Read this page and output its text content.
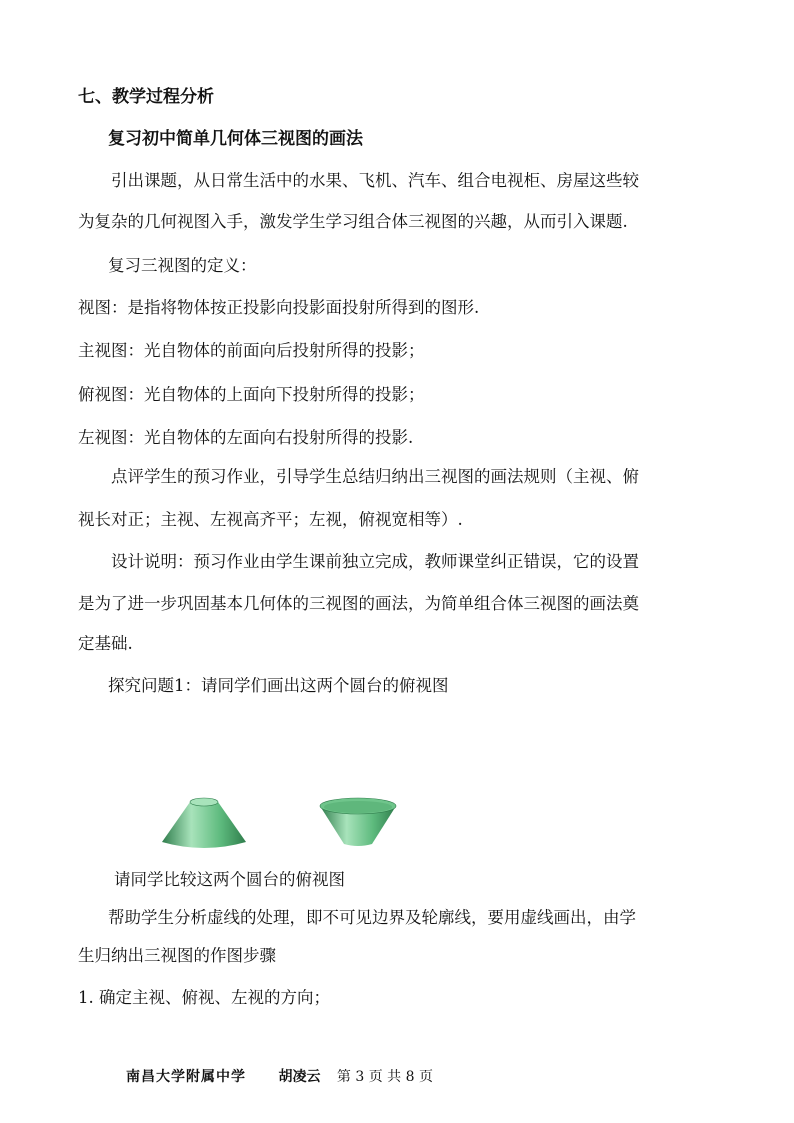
七、教学过程分析
复习初中简单几何体三视图的画法
引出课题，从日常生活中的水果、飞机、汽车、组合电视柜、房屋这些较
为复杂的几何视图入手，激发学生学习组合体三视图的兴趣，从而引入课题.
复习三视图的定义：
视图：是指将物体按正投影向投影面投射所得到的图形.
主视图：光自物体的前面向后投射所得的投影；
俯视图：光自物体的上面向下投射所得的投影；
左视图：光自物体的左面向右投射所得的投影.
点评学生的预习作业，引导学生总结归纳出三视图的画法规则（主视、俯
视长对正；主视、左视高齐平；左视，俯视宽相等）.
设计说明：预习作业由学生课前独立完成，教师课堂纠正错误，它的设置
是为了进一步巩固基本几何体的三视图的画法，为简单组合体三视图的画法奠
定基础.
探究问题1：请同学们画出这两个圆台的俯视图
请同学比较这两个圆台的俯视图
帮助学生分析虚线的处理，即不可见边界及轮廓线，要用虚线画出，由学
生归纳出三视图的作图步骤
1. 确定主视、俯视、左视的方向；
南昌大学附属中学 胡凌云 第 3 页 共 8 页
